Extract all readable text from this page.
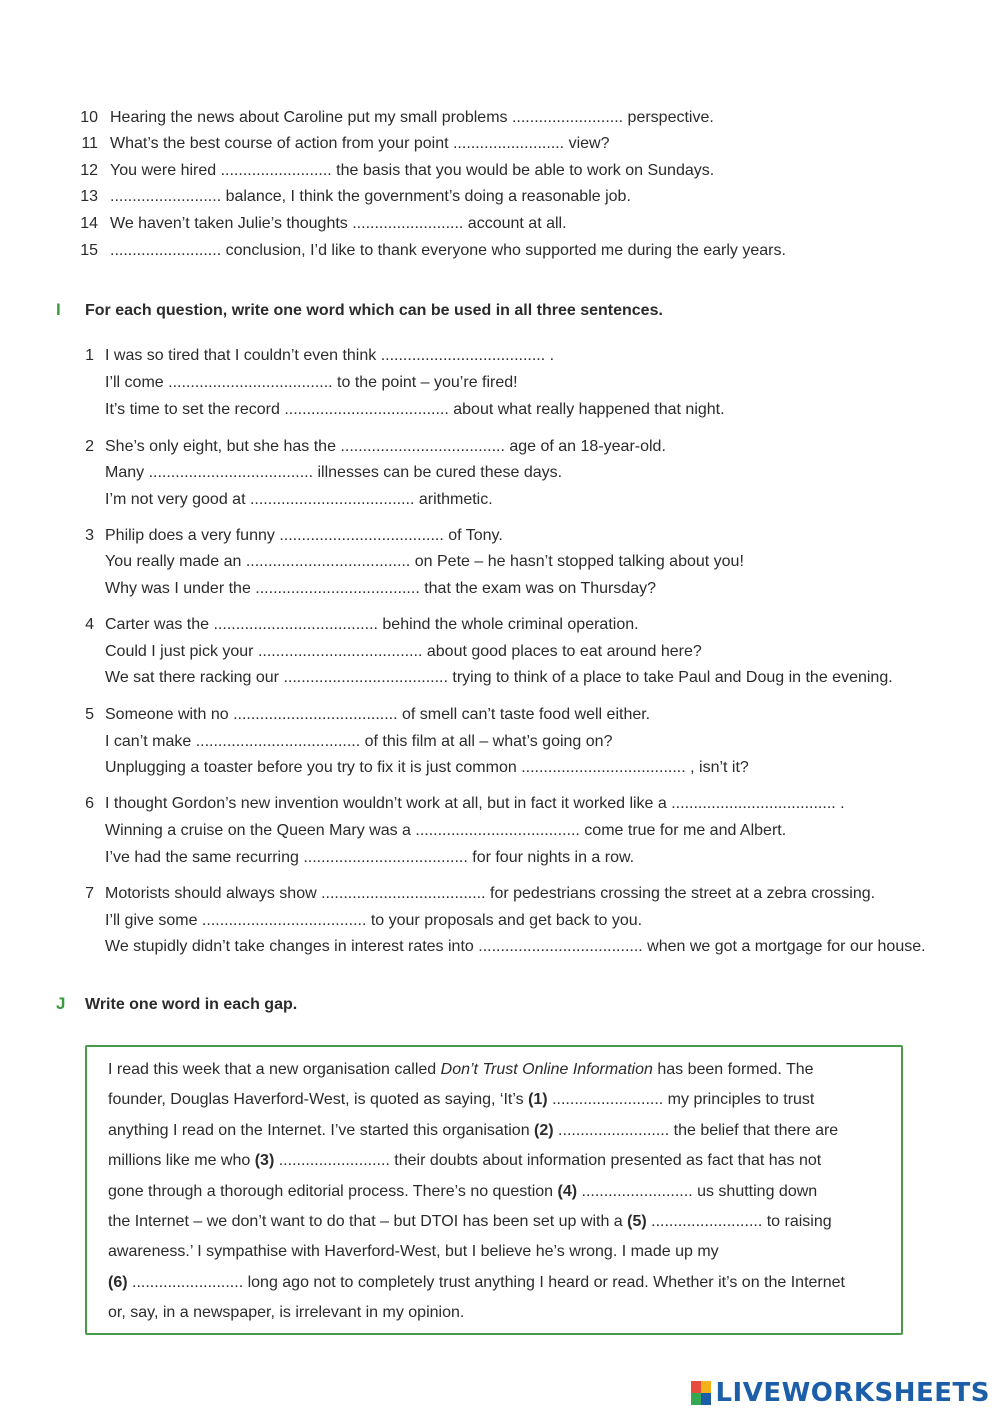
10 Hearing the news about Caroline put my small problems ......................... perspective.
11 What’s the best course of action from your point ......................... view?
12 You were hired ......................... the basis that you would be able to work on Sundays.
13 ......................... balance, I think the government’s doing a reasonable job.
14 We haven’t taken Julie’s thoughts ......................... account at all.
15 ......................... conclusion, I’d like to thank everyone who supported me during the early years.
I For each question, write one word which can be used in all three sentences.
1 I was so tired that I couldn’t even think ..................................... .
I’ll come ..................................... to the point – you’re fired!
It’s time to set the record ..................................... about what really happened that night.
2 She’s only eight, but she has the ..................................... age of an 18-year-old.
Many ..................................... illnesses can be cured these days.
I’m not very good at ..................................... arithmetic.
3 Philip does a very funny ..................................... of Tony.
You really made an ..................................... on Pete – he hasn’t stopped talking about you!
Why was I under the ..................................... that the exam was on Thursday?
4 Carter was the ..................................... behind the whole criminal operation.
Could I just pick your ..................................... about good places to eat around here?
We sat there racking our ..................................... trying to think of a place to take Paul and Doug in the evening.
5 Someone with no ..................................... of smell can’t taste food well either.
I can’t make ..................................... of this film at all – what’s going on?
Unplugging a toaster before you try to fix it is just common ..................................... , isn’t it?
6 I thought Gordon’s new invention wouldn’t work at all, but in fact it worked like a ..................................... .
Winning a cruise on the Queen Mary was a ..................................... come true for me and Albert.
I’ve had the same recurring ..................................... for four nights in a row.
7 Motorists should always show ..................................... for pedestrians crossing the street at a zebra crossing.
I’ll give some ..................................... to your proposals and get back to you.
We stupidly didn’t take changes in interest rates into ..................................... when we got a mortgage for our house.
J Write one word in each gap.
I read this week that a new organisation called Don’t Trust Online Information has been formed. The
founder, Douglas Haverford-West, is quoted as saying, ‘It’s (1) ......................... my principles to trust
anything I read on the Internet. I’ve started this organisation (2) ......................... the belief that there are
millions like me who (3) ......................... their doubts about information presented as fact that has not
gone through a thorough editorial process. There’s no question (4) ......................... us shutting down
the Internet – we don’t want to do that – but DTOI has been set up with a (5) ......................... to raising
awareness.’ I sympathise with Haverford-West, but I believe he’s wrong. I made up my
(6) ......................... long ago not to completely trust anything I heard or read. Whether it’s on the Internet
or, say, in a newspaper, is irrelevant in my opinion.
LIVEWORKSHEETS
